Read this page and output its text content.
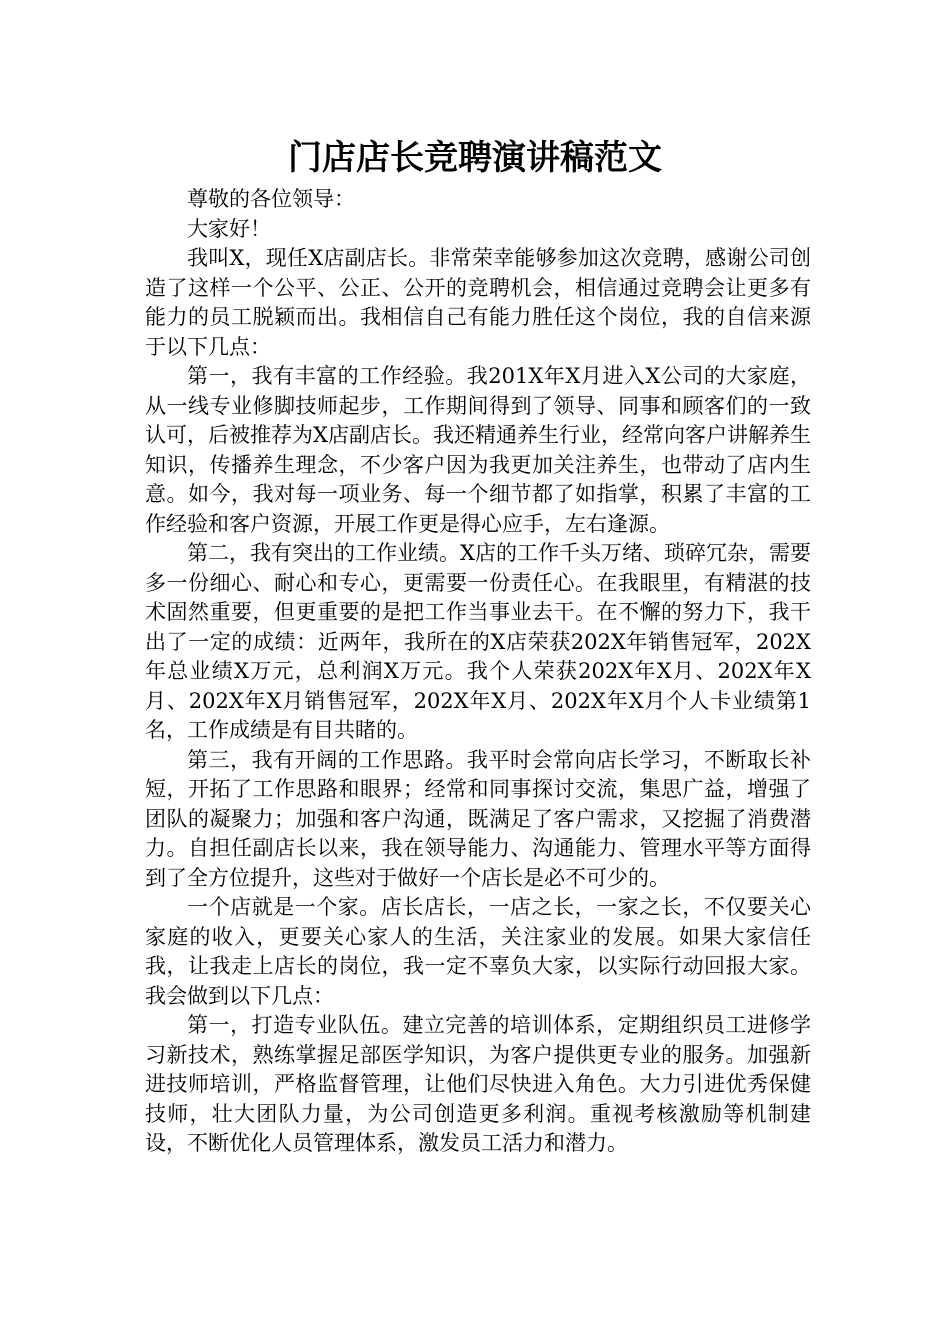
门店店长竞聘演讲稿范文

尊敬的各位领导：

大家好！

我叫X，现任X店副店长。非常荣幸能够参加这次竞聘，感谢公司创造了这样一个公平、公正、公开的竞聘机会，相信通过竞聘会让更多有能力的员工脱颖而出。我相信自己有能力胜任这个岗位，我的自信来源于以下几点：

第一，我有丰富的工作经验。我201X年X月进入X公司的大家庭，从一线专业修脚技师起步，工作期间得到了领导、同事和顾客们的一致认可，后被推荐为X店副店长。我还精通养生行业，经常向客户讲解养生知识，传播养生理念，不少客户因为我更加关注养生，也带动了店内生意。如今，我对每一项业务、每一个细节都了如指掌，积累了丰富的工作经验和客户资源，开展工作更是得心应手，左右逢源。

第二，我有突出的工作业绩。X店的工作千头万绪、琐碎冗杂，需要多一份细心、耐心和专心，更需要一份责任心。在我眼里，有精湛的技术固然重要，但更重要的是把工作当事业去干。在不懈的努力下，我干出了一定的成绩：近两年，我所在的X店荣获202X年销售冠军，202X年总业绩X万元，总利润X万元。我个人荣获202X年X月、202X年X月、202X年X月销售冠军，202X年X月、202X年X月个人卡业绩第1名，工作成绩是有目共睹的。

第三，我有开阔的工作思路。我平时会常向店长学习，不断取长补短，开拓了工作思路和眼界；经常和同事探讨交流，集思广益，增强了团队的凝聚力；加强和客户沟通，既满足了客户需求，又挖掘了消费潜力。自担任副店长以来，我在领导能力、沟通能力、管理水平等方面得到了全方位提升，这些对于做好一个店长是必不可少的。

一个店就是一个家。店长店长，一店之长，一家之长，不仅要关心家庭的收入，更要关心家人的生活，关注家业的发展。如果大家信任我，让我走上店长的岗位，我一定不辜负大家，以实际行动回报大家。我会做到以下几点：

第一，打造专业队伍。建立完善的培训体系，定期组织员工进修学习新技术，熟练掌握足部医学知识，为客户提供更专业的服务。加强新进技师培训，严格监督管理，让他们尽快进入角色。大力引进优秀保健技师，壮大团队力量，为公司创造更多利润。重视考核激励等机制建设，不断优化人员管理体系，激发员工活力和潜力。
